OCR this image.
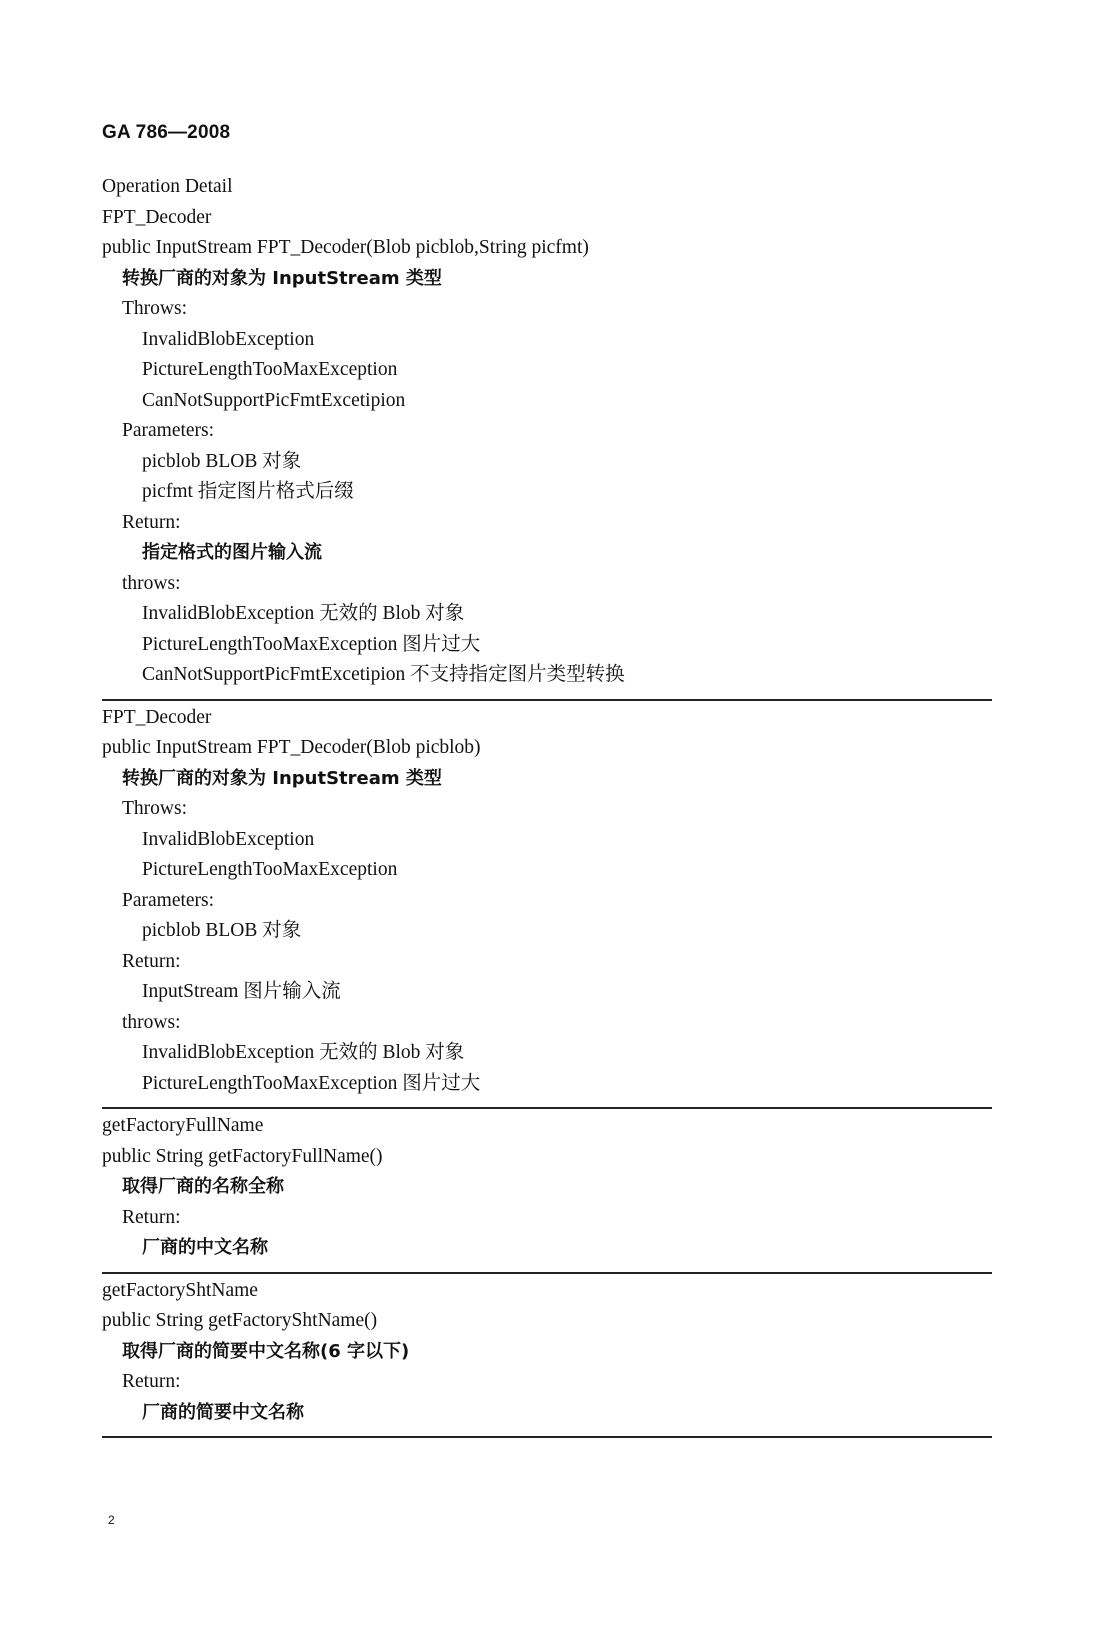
GA 786—2008
Operation Detail
FPT_Decoder
public InputStream FPT_Decoder(Blob picblob,String picfmt)
转换厂商的对象为 InputStream 类型
Throws:
InvalidBlobException
PictureLengthTooMaxException
CanNotSupportPicFmtExcetipion
Parameters:
picblob BLOB 对象
picfmt 指定图片格式后缀
Return:
指定格式的图片输入流
throws:
InvalidBlobException 无效的 Blob 对象
PictureLengthTooMaxException 图片过大
CanNotSupportPicFmtExcetipion 不支持指定图片类型转换
FPT_Decoder
public InputStream FPT_Decoder(Blob picblob)
转换厂商的对象为 InputStream 类型
Throws:
InvalidBlobException
PictureLengthTooMaxException
Parameters:
picblob BLOB 对象
Return:
InputStream 图片输入流
throws:
InvalidBlobException 无效的 Blob 对象
PictureLengthTooMaxException 图片过大
getFactoryFullName
public String getFactoryFullName()
取得厂商的名称全称
Return:
厂商的中文名称
getFactoryShtName
public String getFactoryShtName()
取得厂商的简要中文名称(6 字以下)
Return:
厂商的简要中文名称
2
